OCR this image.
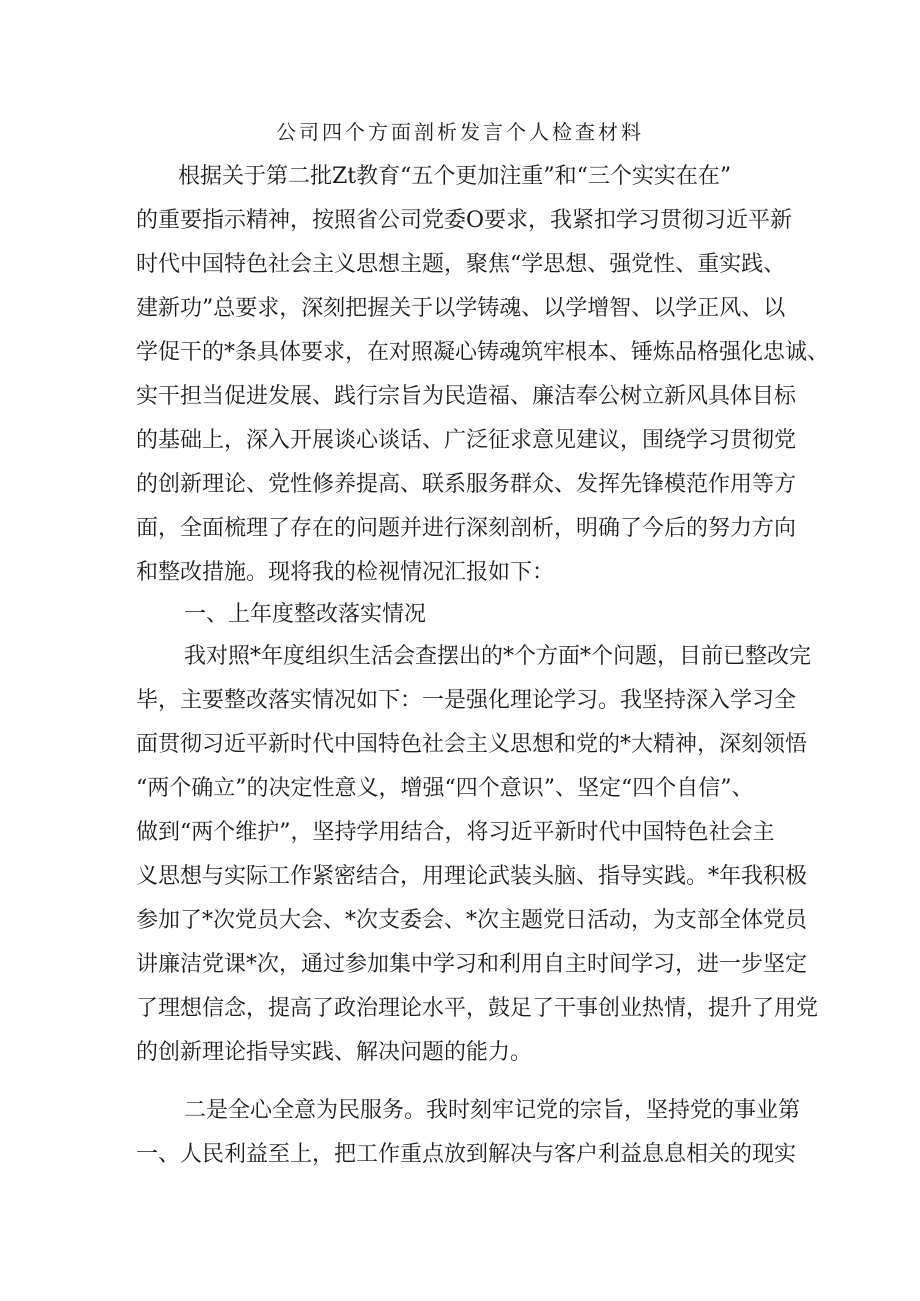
公司四个方面剖析发言个人检查材料

根据关于第二批Zt教育“五个更加注重”和“三个实实在在”

的重要指示精神，按照省公司党委O要求，我紧扣学习贯彻习近平新

时代中国特色社会主义思想主题，聚焦“学思想、强党性、重实践、

建新功”总要求，深刻把握关于以学铸魂、以学增智、以学正风、以

学促干的*条具体要求，在对照凝心铸魂筑牢根本、锤炼品格强化忠诚、

实干担当促进发展、践行宗旨为民造福、廉洁奉公树立新风具体目标

的基础上，深入开展谈心谈话、广泛征求意见建议，围绕学习贯彻党

的创新理论、党性修养提高、联系服务群众、发挥先锋模范作用等方

面，全面梳理了存在的问题并进行深刻剖析，明确了今后的努力方向

和整改措施。现将我的检视情况汇报如下：

一、上年度整改落实情况

我对照*年度组织生活会查摆出的*个方面*个问题，目前已整改完

毕，主要整改落实情况如下：一是强化理论学习。我坚持深入学习全

面贯彻习近平新时代中国特色社会主义思想和党的*大精神，深刻领悟

“两个确立”的决定性意义，增强“四个意识”、坚定“四个自信”、

做到“两个维护”，坚持学用结合，将习近平新时代中国特色社会主

义思想与实际工作紧密结合，用理论武装头脑、指导实践。*年我积极

参加了*次党员大会、*次支委会、*次主题党日活动，为支部全体党员

讲廉洁党课*次，通过参加集中学习和利用自主时间学习，进一步坚定

了理想信念，提高了政治理论水平，鼓足了干事创业热情，提升了用党

的创新理论指导实践、解决问题的能力。

二是全心全意为民服务。我时刻牢记党的宗旨，坚持党的事业第

一、人民利益至上，把工作重点放到解决与客户利益息息相关的现实
